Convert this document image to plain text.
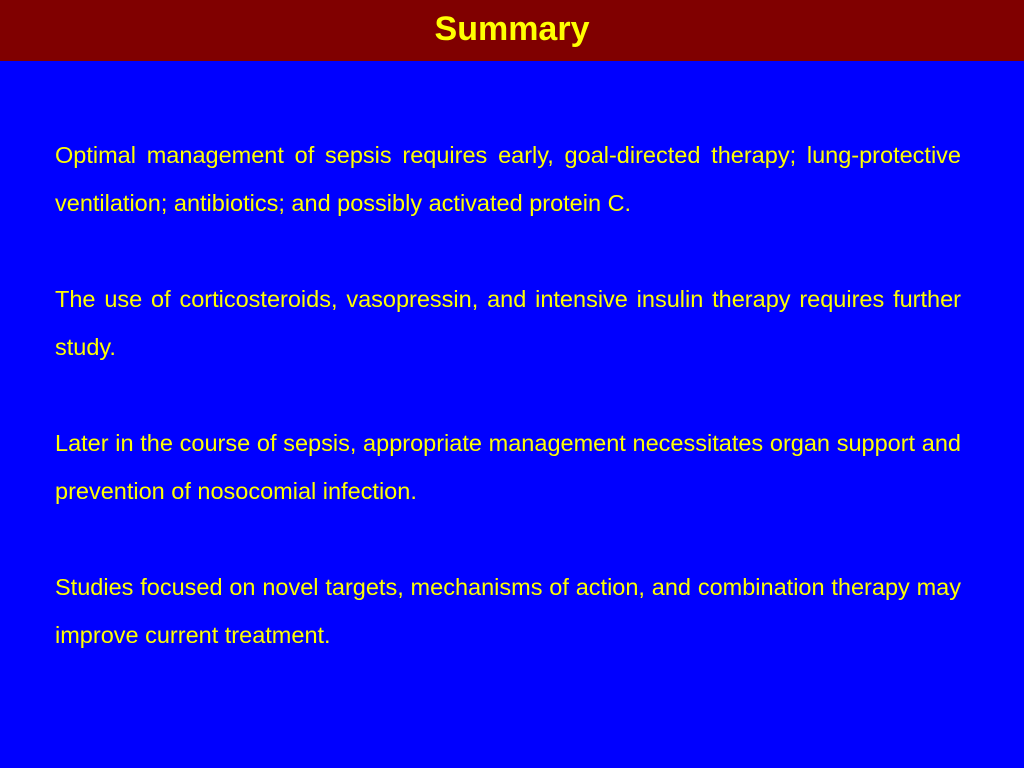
Summary

Optimal management of sepsis requires early, goal-directed therapy; lung-protective ventilation; antibiotics; and possibly activated protein C.

The use of corticosteroids, vasopressin, and intensive insulin therapy requires further study.

Later in the course of sepsis, appropriate management necessitates organ support and prevention of nosocomial infection.

Studies focused on novel targets, mechanisms of action, and combination therapy may improve current treatment.
